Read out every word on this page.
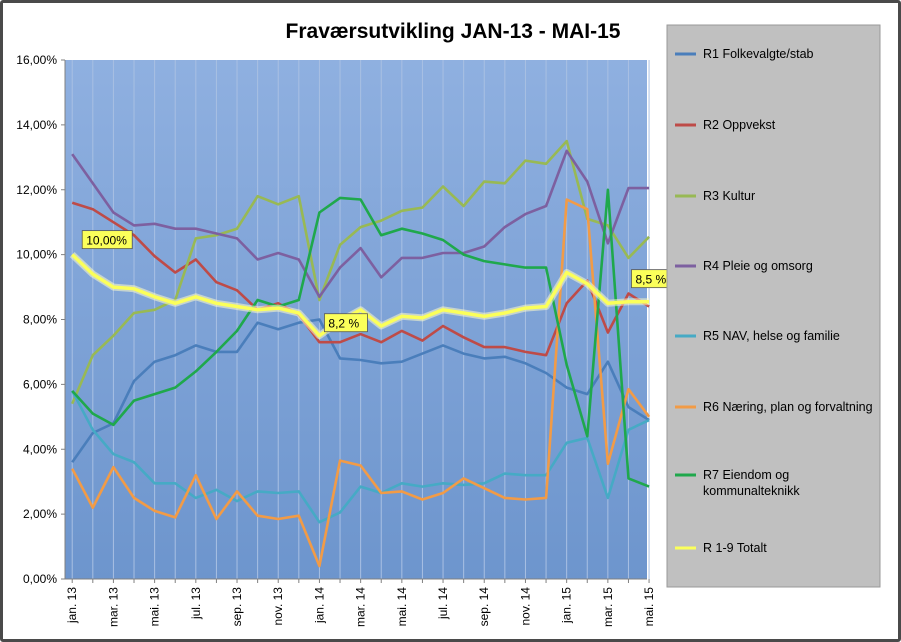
Fraværsutvikling JAN-13 - MAI-15
0,00%
2,00%
4,00%
6,00%
8,00%
10,00%
12,00%
14,00%
16,00%
jan. 13 mar. 13 mai. 13 jul. 13 sep. 13 nov. 13 jan. 14 mar. 14 mai. 14 jul. 14 sep. 14 nov. 14 jan. 15 mar. 15 mai. 15
10,00%
8,2 %
8,5 %
R1 Folkevalgte/stab
R2 Oppvekst
R3 Kultur
R4 Pleie og omsorg
R5 NAV, helse og familie
R6 Næring, plan og forvaltning
R7 Eiendom og
kommunalteknikk
R 1-9 Totalt
